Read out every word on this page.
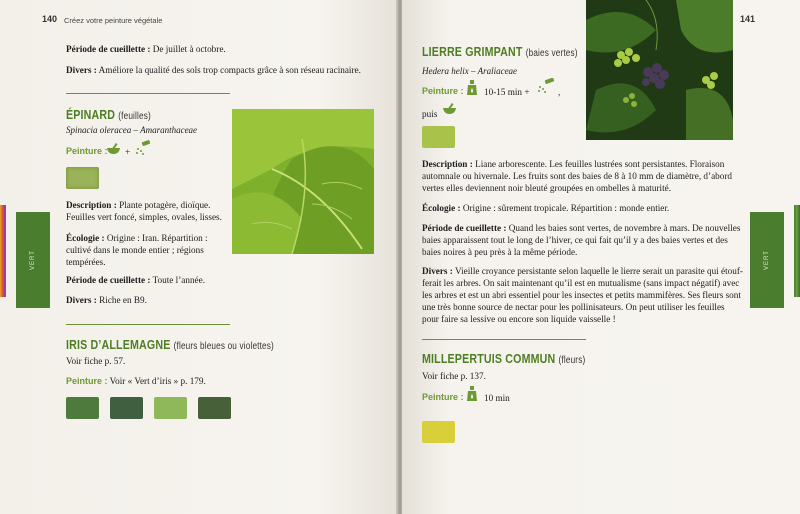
140 Créez votre peinture végétale
VERT
Période de cueillette : De juillet à octobre.
Divers : Améliore la qualité des sols trop compacts grâce à son réseau racinaire.
ÉPINARD (feuilles)
Spinacia oleracea – Amaranthaceae
Peinture : +
Description : Plante potagère, dioïque.
Feuilles vert foncé, simples, ovales, lisses.
Écologie : Origine : Iran. Répartition :
cultivé dans le monde entier ; régions
tempérées.
Période de cueillette : Toute l’année.
Divers : Riche en B9.
IRIS D’ALLEMAGNE (fleurs bleues ou violettes)
Voir fiche p. 57.
Peinture : Voir « Vert d’iris » p. 179.
141
VERT
LIERRE GRIMPANT (baies vertes)
Hedera helix – Araliaceae
Peinture : 10-15 min +	,
puis
Description : Liane arborescente. Les feuilles lustrées sont persistantes. Floraison
automnale ou hivernale. Les fruits sont des baies de 8 à 10 mm de diamètre, d’abord
vertes elles deviennent noir bleuté groupées en ombelles à maturité.
Écologie : Origine : sûrement tropicale. Répartition : monde entier.
Période de cueillette : Quand les baies sont vertes, de novembre à mars. De nouvelles
baies apparaissent tout le long de l’hiver, ce qui fait qu’il y a des baies vertes et des
baies noires à peu près à la même période.
Divers : Vieille croyance persistante selon laquelle le lierre serait un parasite qui étouf-
ferait les arbres. On sait maintenant qu’il est en mutualisme (sans impact négatif) avec
les arbres et est un abri essentiel pour les insectes et petits mammifères. Ses fleurs sont
une très bonne source de nectar pour les pollinisateurs. On peut utiliser les feuilles
pour faire sa lessive ou encore son liquide vaisselle !
MILLEPERTUIS COMMUN (fleurs)
Voir fiche p. 137.
Peinture : 10 min
